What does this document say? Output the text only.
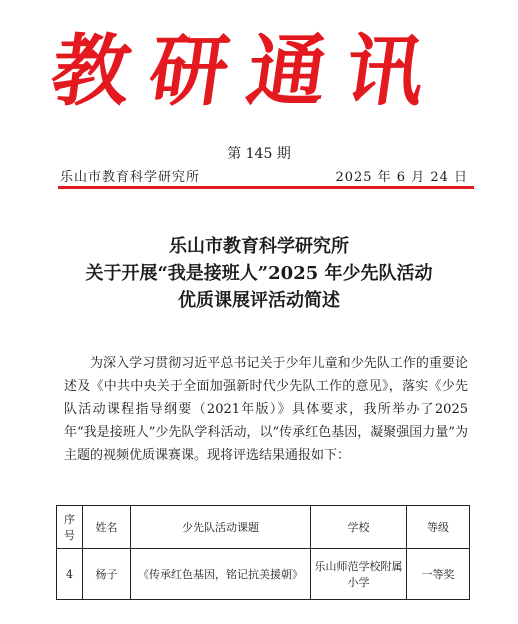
教研通讯
第 145 期
乐山市教育科学研究所	2025 年 6 月 24 日
乐山市教育科学研究所
关于开展“我是接班人”2025 年少先队活动
优质课展评活动简述

为深入学习贯彻习近平总书记关于少年儿童和少先队工作的重要论述及《中共中央关于全面加强新时代少先队工作的意见》，落实《少先队活动课程指导纲要（2021年版）》具体要求，我所举办了2025年“我是接班人”少先队学科活动，以“传承红色基因，凝聚强国力量”为主题的视频优质课赛课。现将评选结果通报如下：

序号	姓名	少先队活动课题	学校	等级
4	杨子	《传承红色基因，铭记抗美援朝》	乐山师范学校附属小学	一等奖
